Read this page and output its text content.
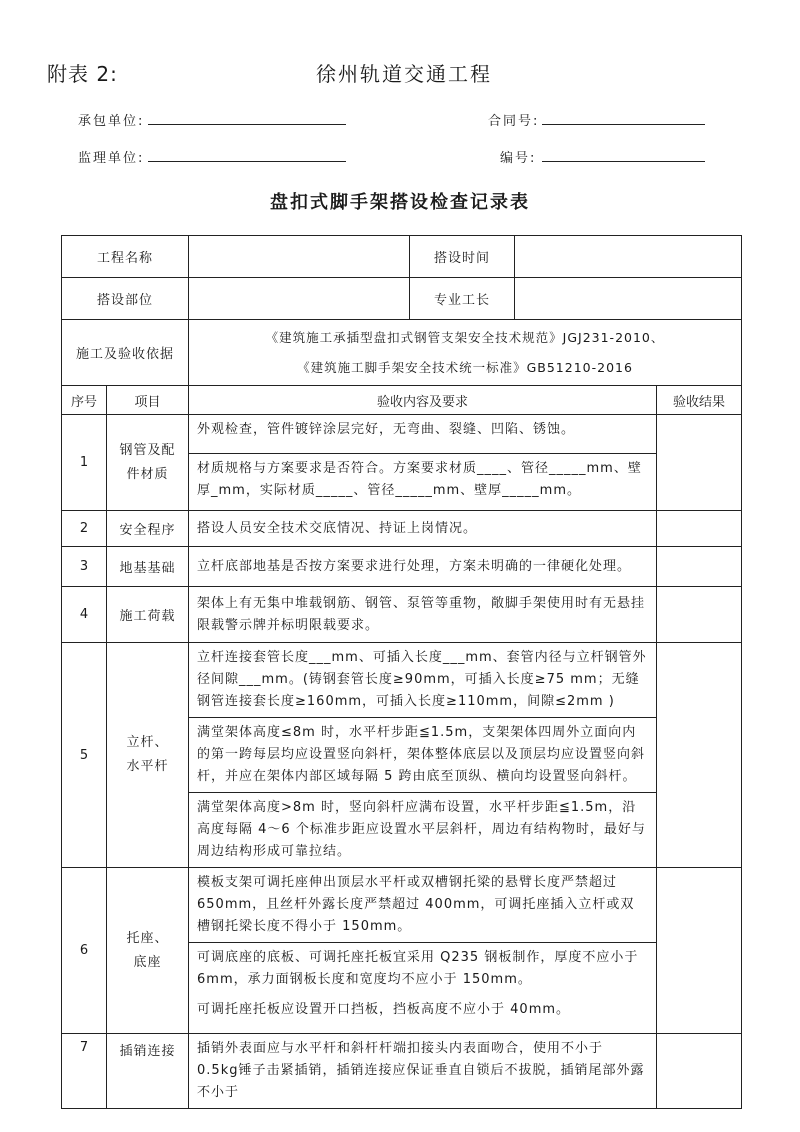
附表 2:	徐州轨道交通工程
承包单位:	合同号:
监理单位:	编号:
盘扣式脚手架搭设检查记录表
工程名称			搭设时间		
搭设部位			专业工长		
施工及验收依据		《建筑施工承插型盘扣式钢管支架安全技术规范》JGJ231-2010、
《建筑施工脚手架安全技术统一标准》GB51210-2016			

序号	项目	验收内容及要求			验收结果
1	钢管及配件材质	外观检查，管件镀锌涂层完好，无弯曲、裂缝、凹陷、锈蚀。
材质规格与方案要求是否符合。方案要求材质____、管径_____mm、壁厚_mm，实际材质_____、管径_____mm、壁厚_____mm。			

2	安全程序	搭设人员安全技术交底情况、持证上岗情况。			

3	地基基础	立杆底部地基是否按方案要求进行处理，方案未明确的一律硬化处理。			

4	施工荷载	架体上有无集中堆载钢筋、钢管、泵管等重物，敞脚手架使用时有无悬挂限载警示牌并标明限载要求。			

5	立杆、水平杆	立杆连接套管长度___mm、可插入长度___mm、套管内径与立杆钢管外径间隙___mm。(铸钢套管长度≥90mm，可插入长度≥75 mm；无缝钢管连接套长度≥160mm，可插入长度≥110mm，间隙≤2mm )
满堂架体高度≤8m 时，水平杆步距≦1.5m，支架架体四周外立面向内的第一跨每层均应设置竖向斜杆，架体整体底层以及顶层均应设置竖向斜杆，并应在架体内部区域每隔 5 跨由底至顶纵、横向均设置竖向斜杆。
满堂架体高度>8m 时，竖向斜杆应满布设置，水平杆步距≦1.5m，沿高度每隔 4～6 个标准步距应设置水平层斜杆，周边有结构物时，最好与周边结构形成可靠拉结。			

6	托座、底座	模板支架可调托座伸出顶层水平杆或双槽钢托梁的悬臂长度严禁超过650mm，且丝杆外露长度严禁超过 400mm，可调托座插入立杆或双槽钢托梁长度不得小于 150mm。
可调底座的底板、可调托座托板宜采用 Q235 钢板制作，厚度不应小于6mm，承力面钢板长度和宽度均不应小于 150mm。
可调托座托板应设置开口挡板，挡板高度不应小于 40mm。			

7	插销连接	插销外表面应与水平杆和斜杆杆端扣接头内表面吻合，使用不小于 0.5kg锤子击紧插销，插销连接应保证垂直自锁后不拔脱，插销尾部外露不小于			
